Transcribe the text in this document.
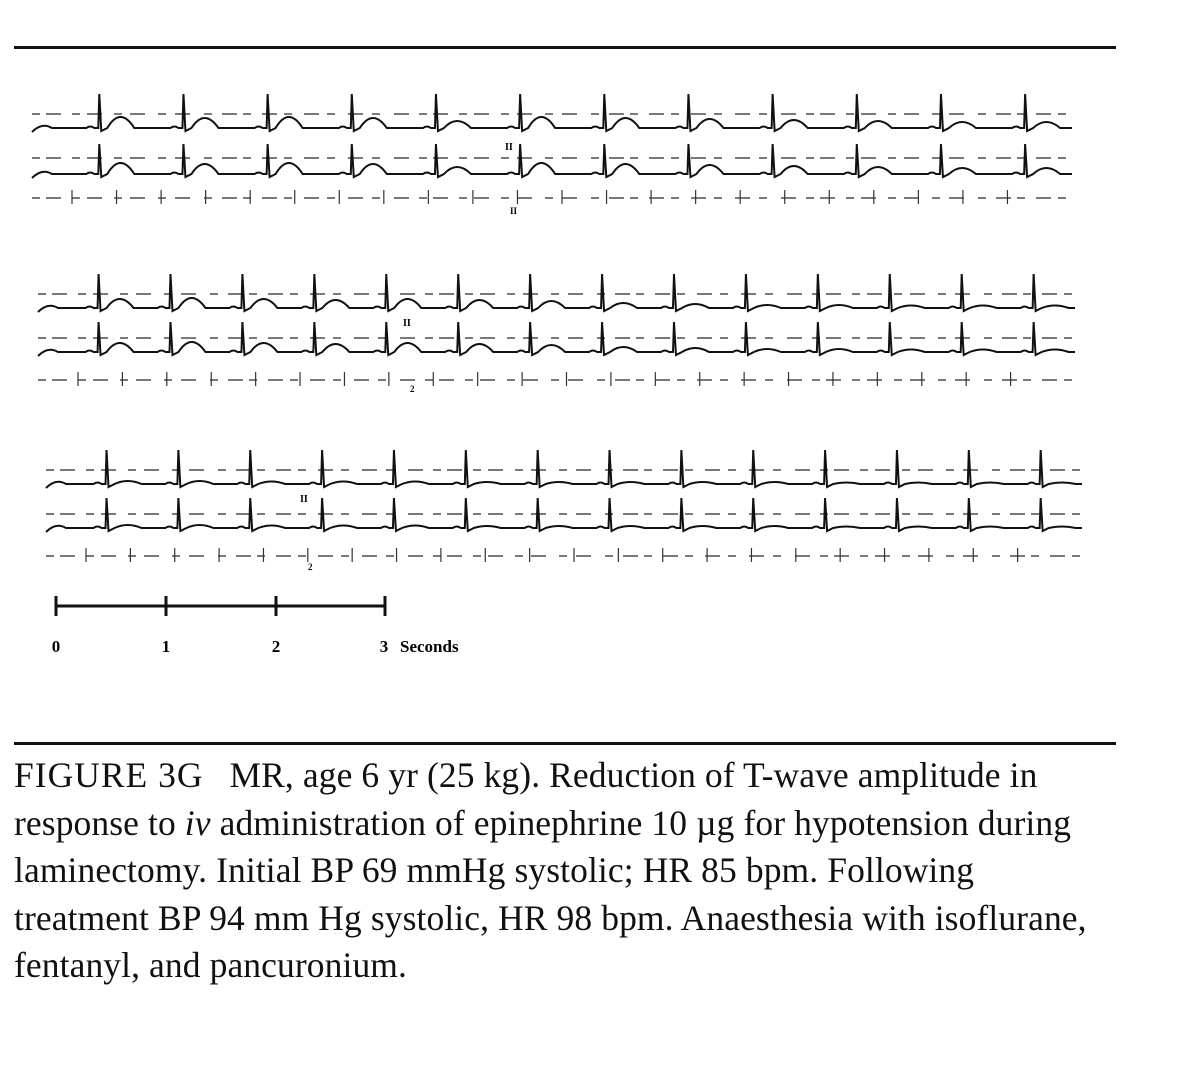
0	1	2	3 Seconds
II
II
II
II
2
2
FIGURE 3G MR, age 6 yr (25 kg). Reduction of T-wave amplitude in response to iv administration of epinephrine 10 µg for hypotension during laminectomy. Initial BP 69 mmHg systolic; HR 85 bpm. Following treatment BP 94 mm Hg systolic, HR 98 bpm. Anaesthesia with isoflurane, fentanyl, and pancuronium.
